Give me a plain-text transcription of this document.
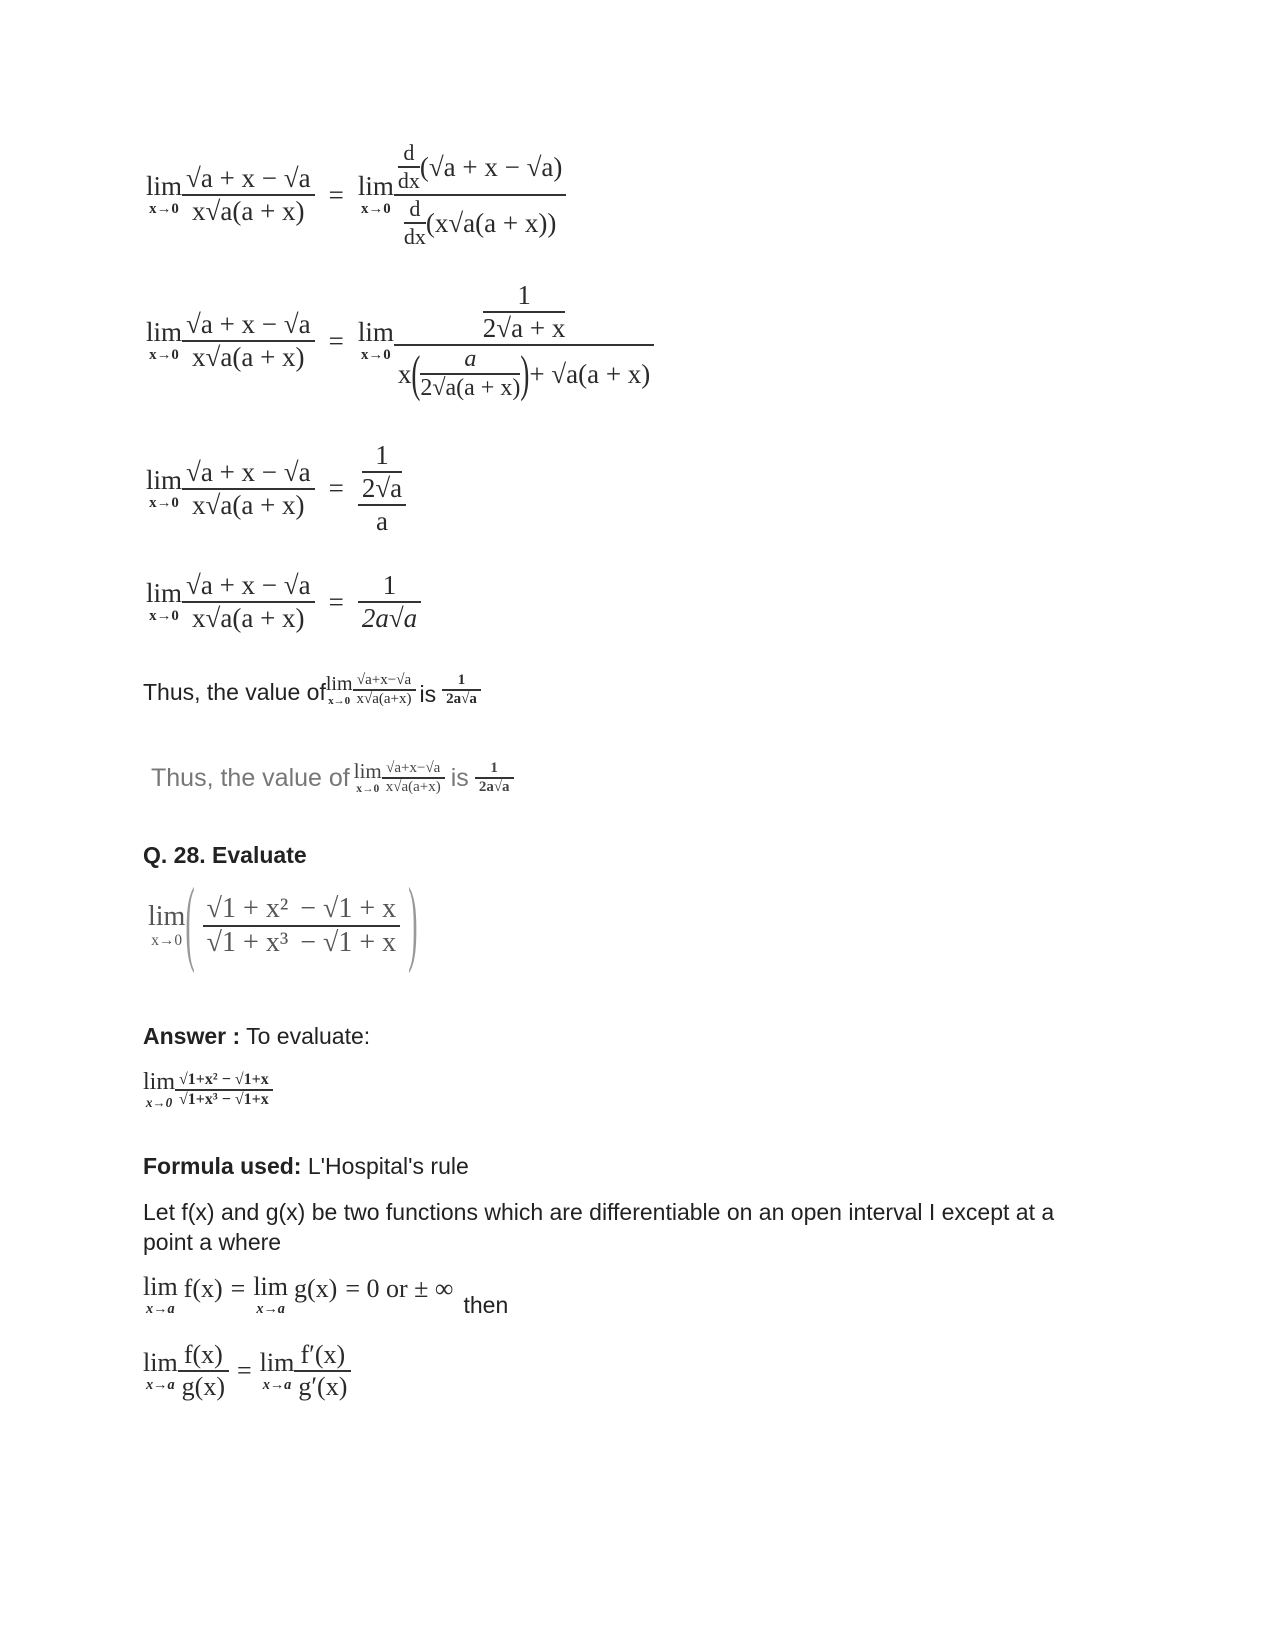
lim
$x\to 0 \frac{√a + x - √a}{x√a(a + x)} = \lim$
$x\to 0 \frac{\frac{d}{dx} (√a + x - √a)}{\frac{d}{dx} (x√a(a + x))}$
lim
$x\to 0 \frac{√a + x - √a}{x√a(a + x)} = \lim$
$x\to 0 \frac{\frac{1}{2√a + x}}{x ( \frac{a}{2√a(a + x)} ) + √a(a + x)}$
lim
$x\to 0 \frac{√a + x - √a}{x√a(a + x)} = \frac{\frac{1}{2√a}}{a}$
lim
$x\to 0 \frac{√a + x - √a}{x√a(a + x)} = \frac{1}{2a√a}$
Thus, the value of lim
$x\to 0 \frac{√a+x-√a}{x√a(a+x)}$ is $\frac{1}{2a√a}$
Thus, the value of lim
$x\to 0 \frac{√a+x-√a}{x√a(a+x)}$ is $\frac{1}{2a√a}$
Q. 28. Evaluate
lim
x→0 ( $\frac{\text{√1 + x² − √1 + x}}{\text{√1 + x³ − √1 + x}}$ )
Answer : To evaluate:
lim
$x\to 0 \frac{\text{√1+x² − √1+x}}{\text{√1+x³ − √1+x}}$
Formula used: L'Hospital's rule
Let f(x) and g(x) be two functions which are differentiable on an open interval I except at a point a where
lim
x→a
f(x) = lim
x→a
g(x) = 0 or ± ∞
then
lim
$x\to a \frac{f(x)}{g(x)} = \lim$
$x\to a \frac{f'(x)}{g'(x)}$
